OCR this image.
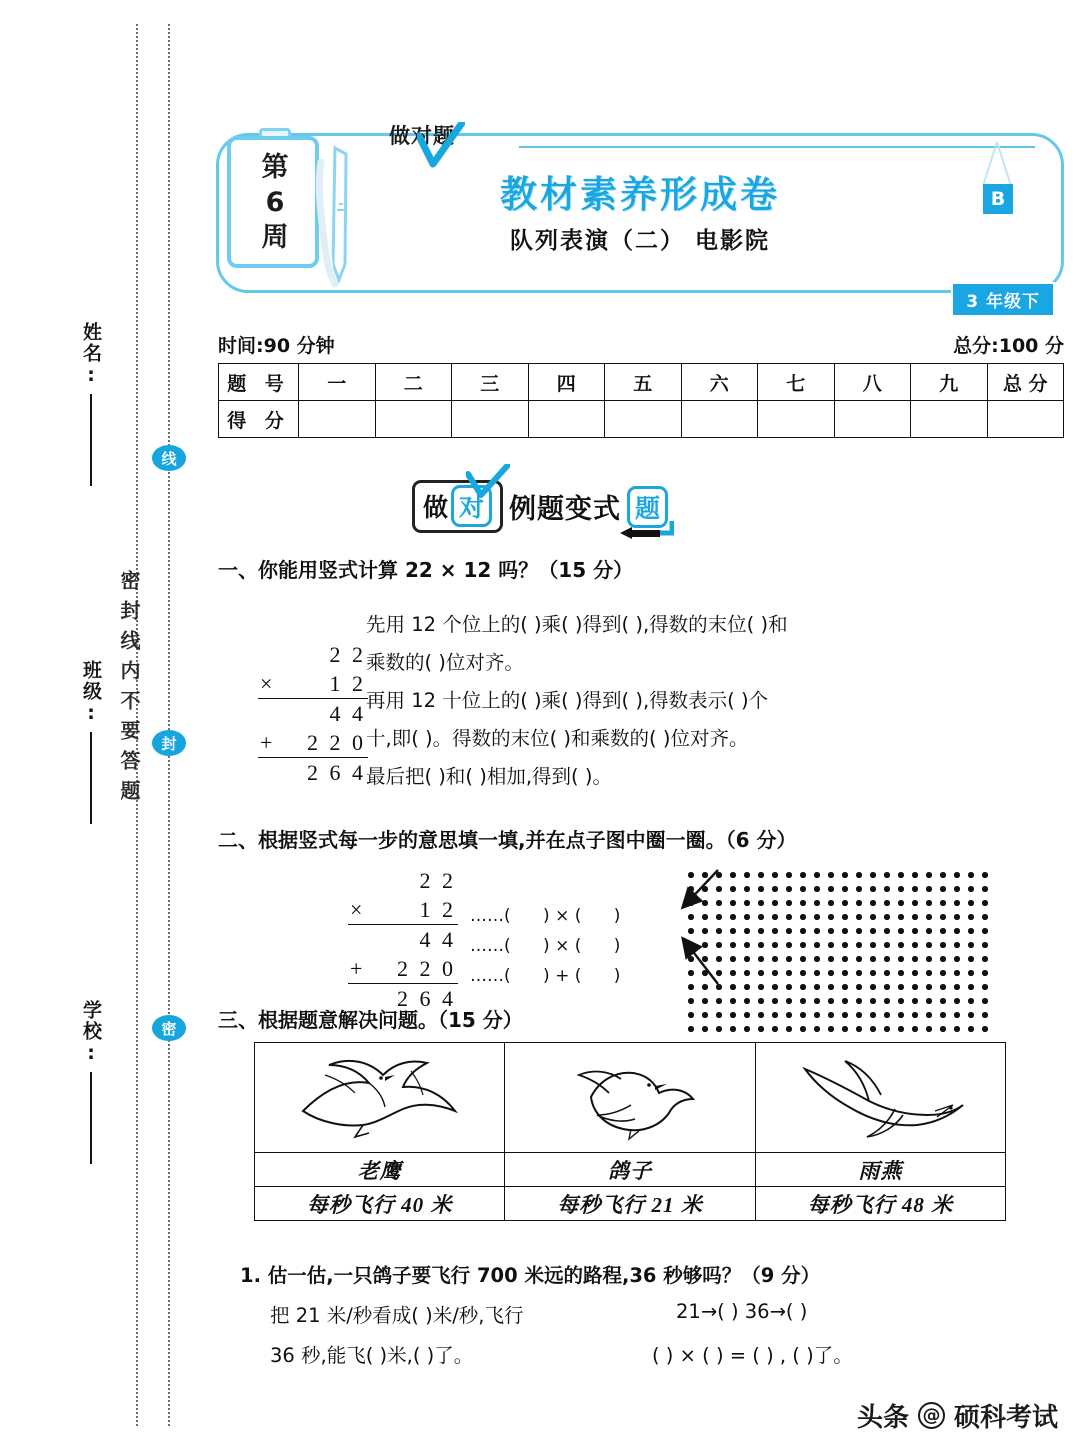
姓名:
班级:
学校:
密封线内不要答题
线
封
密
第
6
周
做对题
教材素养形成卷
队列表演（二） 电影院
B
3 年级下
时间:90 分钟	总分:100 分
题 号	一	二	三	四	五	六	七	八	九	总 分
得 分										
做 对 例题变式 题
一、你能用竖式计算 22 × 12 吗？（15 分）
2 2
× 1 2
4 4
+ 2 2 0
2 6 4
先用 12 个位上的( )乘( )得到( ),得数的末位( )和
乘数的( )位对齐。
再用 12 十位上的( )乘( )得到( ),得数表示( )个
十,即( )。得数的末位( )和乘数的( )位对齐。
最后把( )和( )相加,得到( )。
二、根据竖式每一步的意思填一填,并在点子图中圈一圈。（6 分）
2 2
× 1 2
4 4
+ 2 2 0
2 6 4
……(      ) × (      )
……(      ) × (      )
……(      ) + (      )
三、根据题意解决问题。（15 分）

老鹰	鸽子	雨燕
每秒飞行 40 米	每秒飞行 21 米	每秒飞行 48 米
1. 估一估,一只鸽子要飞行 700 米远的路程,36 秒够吗？（9 分）
把 21 米/秒看成( )米/秒,飞行
36 秒,能飞( )米,( )了。
21→( ) 36→( )
( ) × ( ) = ( ) , ( )了。
头条 @ 硕科考试
